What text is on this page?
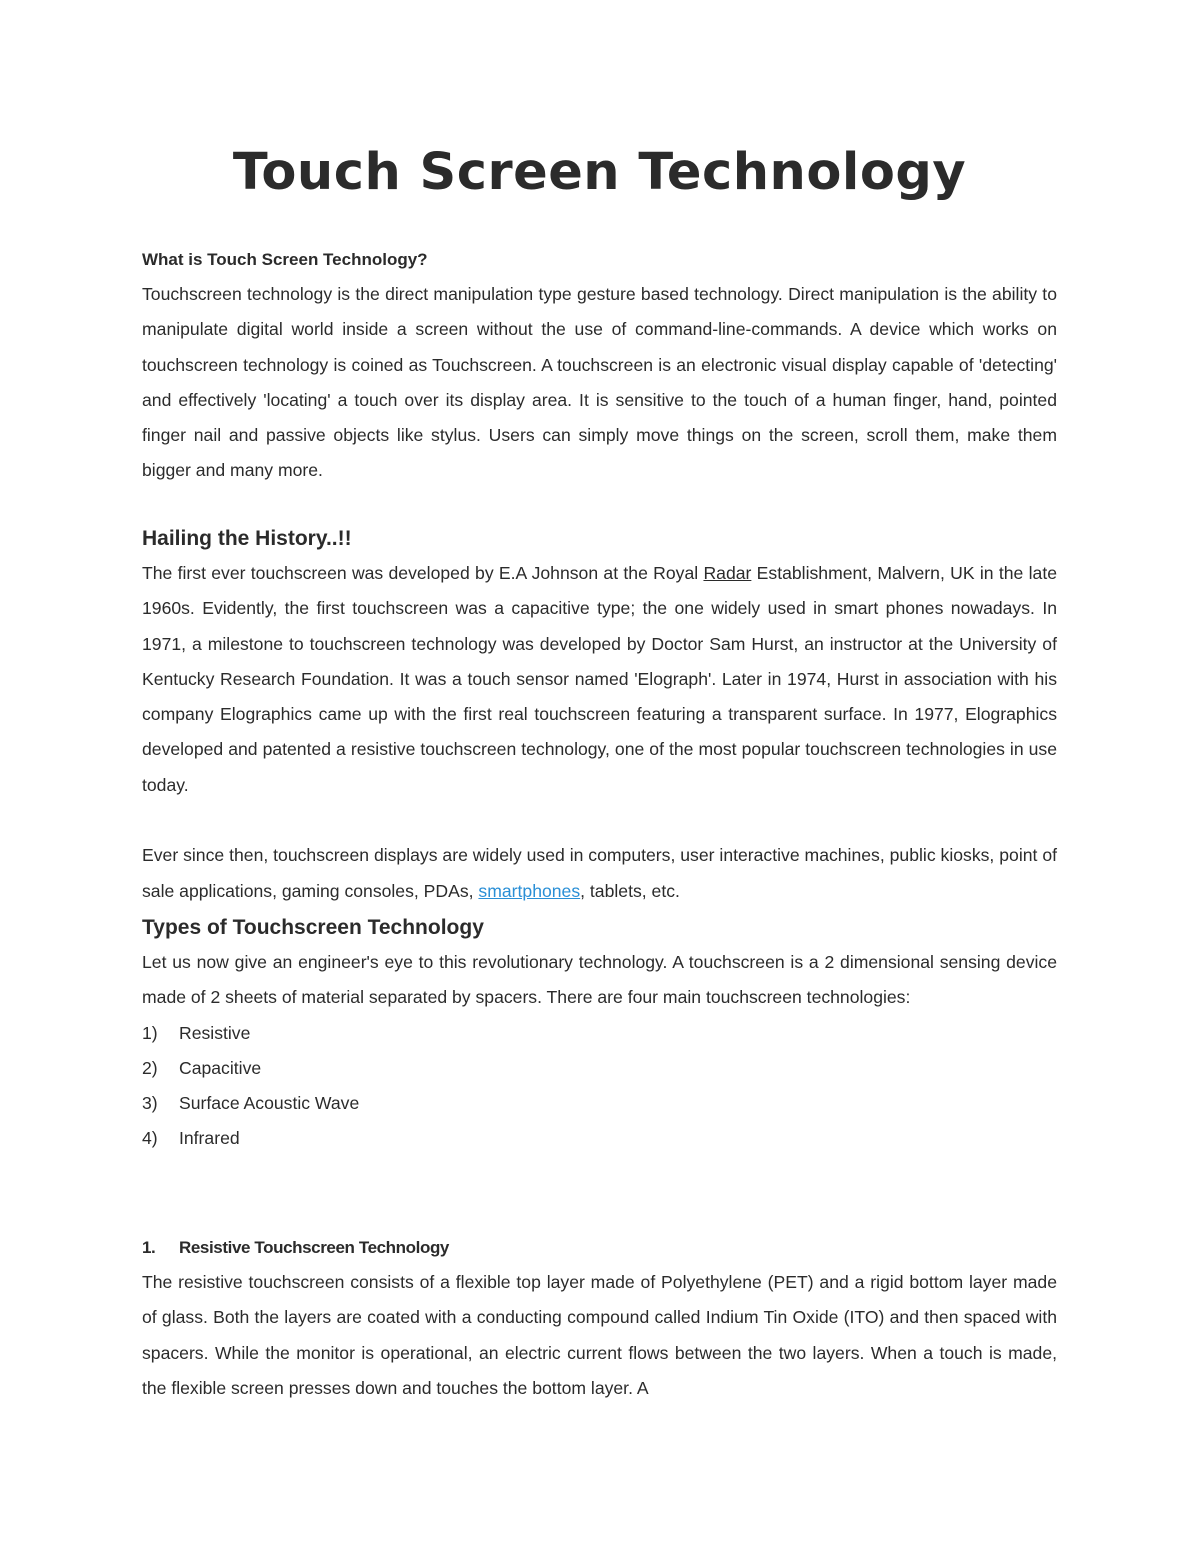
Touch Screen Technology

What is Touch Screen Technology?

Touchscreen technology is the direct manipulation type gesture based technology. Direct manipulation is the ability to manipulate digital world inside a screen without the use of command-line-commands. A device which works on touchscreen technology is coined as Touchscreen. A touchscreen is an electronic visual display capable of 'detecting' and effectively 'locating' a touch over its display area. It is sensitive to the touch of a human finger, hand, pointed finger nail and passive objects like stylus. Users can simply move things on the screen, scroll them, make them bigger and many more.

Hailing the History..!!

The first ever touchscreen was developed by E.A Johnson at the Royal Radar Establishment, Malvern, UK in the late 1960s. Evidently, the first touchscreen was a capacitive type; the one widely used in smart phones nowadays. In 1971, a milestone to touchscreen technology was developed by Doctor Sam Hurst, an instructor at the University of Kentucky Research Foundation. It was a touch sensor named 'Elograph'. Later in 1974, Hurst in association with his company Elographics came up with the first real touchscreen featuring a transparent surface. In 1977, Elographics developed and patented a resistive touchscreen technology, one of the most popular touchscreen technologies in use today.

Ever since then, touchscreen displays are widely used in computers, user interactive machines, public kiosks, point of sale applications, gaming consoles, PDAs, smartphones, tablets, etc.

Types of Touchscreen Technology

Let us now give an engineer's eye to this revolutionary technology. A touchscreen is a 2 dimensional sensing device made of 2 sheets of material separated by spacers. There are four main touchscreen technologies:

1)	Resistive
2)	Capacitive
3)	Surface Acoustic Wave
4)	Infrared
1.	Resistive Touchscreen Technology

The resistive touchscreen consists of a flexible top layer made of Polyethylene (PET) and a rigid bottom layer made of glass. Both the layers are coated with a conducting compound called Indium Tin Oxide (ITO) and then spaced with spacers. While the monitor is operational, an electric current flows between the two layers. When a touch is made, the flexible screen presses down and touches the bottom layer. A
